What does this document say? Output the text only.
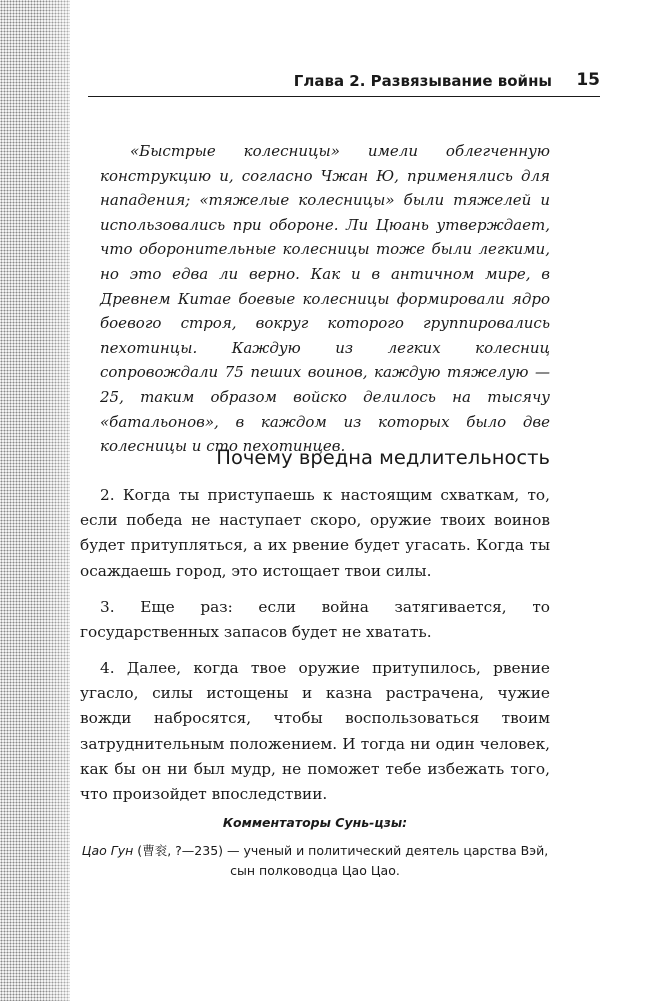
Глава 2. Развязывание войны 15

«Быстрые колесницы» имели облегченную конструкцию и, согласно Чжан Ю, применялись для нападения; «тяжелые колесницы» были тяжелей и использовались при обороне. Ли Цюань утверждает, что оборонительные колесницы тоже были легкими, но это едва ли верно. Как и в античном мире, в Древнем Китае боевые колесницы формировали ядро боевого строя, вокруг которого группировались пехотинцы. Каждую из легких колесниц сопровождали 75 пеших воинов, каждую тяжелую — 25, таким образом войско делилось на тысячу «батальонов», в каждом из которых было две колесницы и сто пехотинцев.

Почему вредна медлительность

2. Когда ты приступаешь к настоящим схваткам, то, если победа не наступает скоро, оружие твоих воинов будет притупляться, а их рвение будет угасать. Когда ты осаждаешь город, это истощает твои силы.

3. Еще раз: если война затягивается, то государственных запасов будет не хватать.

4. Далее, когда твое оружие притупилось, рвение угасло, силы истощены и казна растрачена, чужие вожди набросятся, чтобы воспользоваться твоим затруднительным положением. И тогда ни один человек, как бы он ни был мудр, не поможет тебе избежать того, что произойдет впоследствии.

Комментаторы Сунь-цзы:
Цао Гун (曹衮, ?—235) — ученый и политический деятель царства Вэй,
сын полководца Цао Цао.
